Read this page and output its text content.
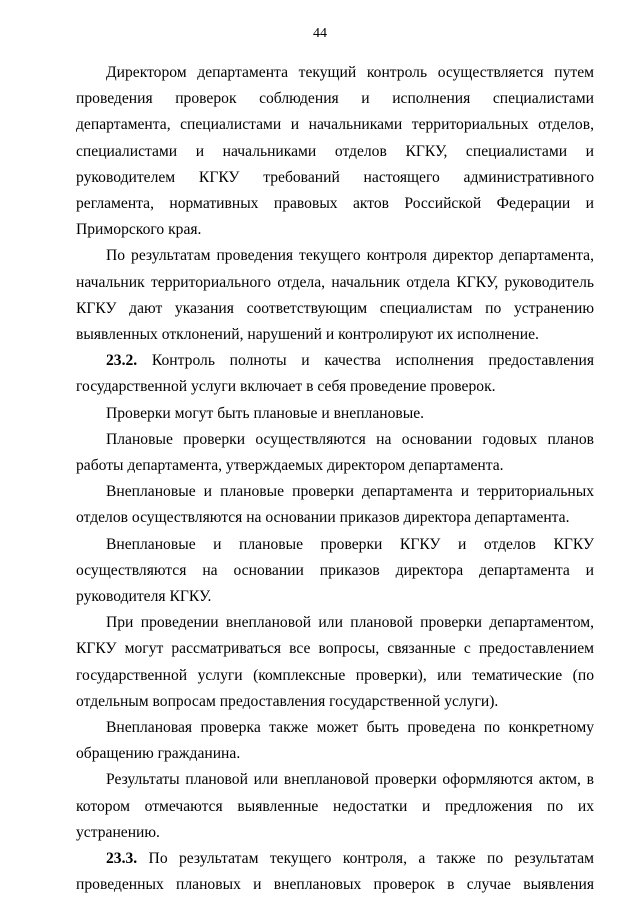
44

Директором департамента текущий контроль осуществляется путем проведения проверок соблюдения и исполнения специалистами департамента, специалистами и начальниками территориальных отделов, специалистами и начальниками отделов КГКУ, специалистами и руководителем КГКУ требований настоящего административного регламента, нормативных правовых актов Российской Федерации и Приморского края.

По результатам проведения текущего контроля директор департамента, начальник территориального отдела, начальник отдела КГКУ, руководитель КГКУ дают указания соответствующим специалистам по устранению выявленных отклонений, нарушений и контролируют их исполнение.

23.2. Контроль полноты и качества исполнения предоставления государственной услуги включает в себя проведение проверок.

Проверки могут быть плановые и внеплановые.

Плановые проверки осуществляются на основании годовых планов работы департамента, утверждаемых директором департамента.

Внеплановые и плановые проверки департамента и территориальных отделов осуществляются на основании приказов директора департамента.

Внеплановые и плановые проверки КГКУ и отделов КГКУ осуществляются на основании приказов директора департамента и руководителя КГКУ.

При проведении внеплановой или плановой проверки департаментом, КГКУ могут рассматриваться все вопросы, связанные с предоставлением государственной услуги (комплексные проверки), или тематические (по отдельным вопросам предоставления государственной услуги).

Внеплановая проверка также может быть проведена по конкретному обращению гражданина.

Результаты плановой или внеплановой проверки оформляются актом, в котором отмечаются выявленные недостатки и предложения по их устранению.

23.3. По результатам текущего контроля, а также по результатам проведенных плановых и внеплановых проверок в случае выявления
